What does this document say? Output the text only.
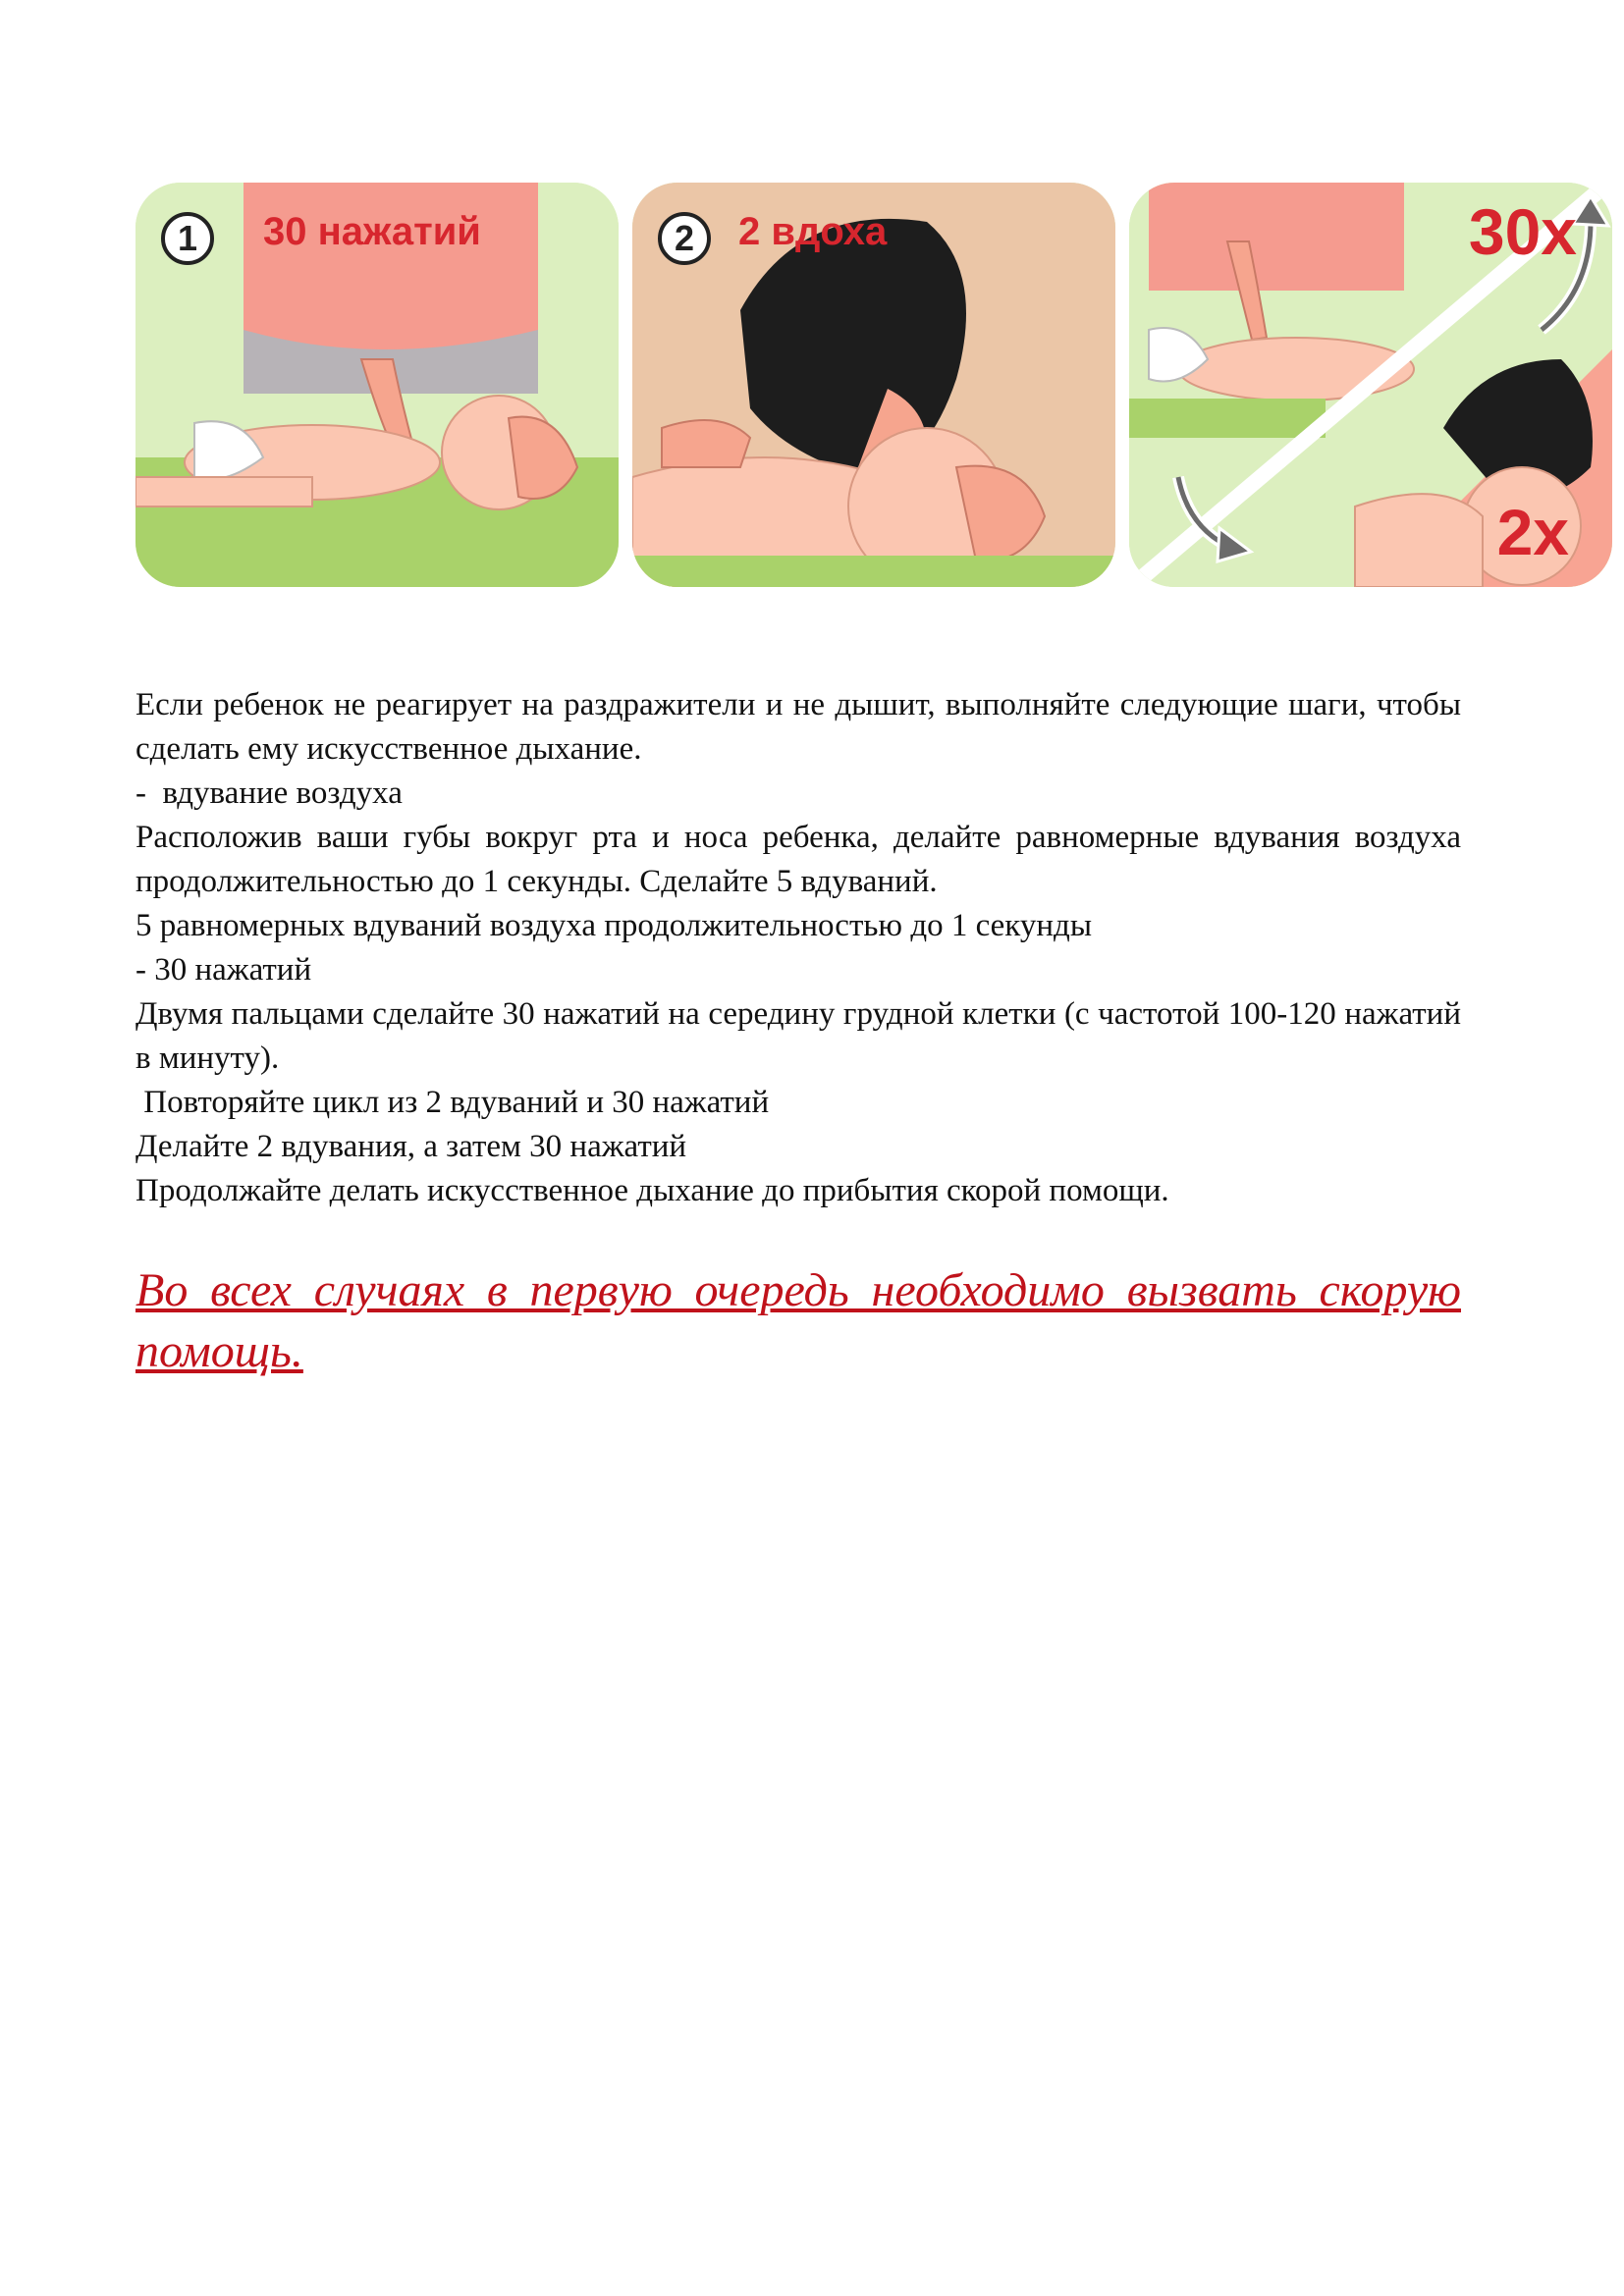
1	30 нажатий	2	2 вдоха	30x
2x

Если ребенок не реагирует на раздражители и не дышит, выполняйте следующие шаги, чтобы сделать ему искусственное дыхание.

-  вдувание воздуха

Расположив ваши губы вокруг рта и носа ребенка, делайте равномерные вдувания воздуха продолжительностью до 1 секунды. Сделайте 5 вдуваний.

5 равномерных вдуваний воздуха продолжительностью до 1 секунды

- 30 нажатий

Двумя пальцами сделайте 30 нажатий на середину грудной клетки (с частотой 100-120 нажатий в минуту).

Повторяйте цикл из 2 вдуваний и 30 нажатий

Делайте 2 вдувания, а затем 30 нажатий

Продолжайте делать искусственное дыхание до прибытия скорой помощи.

Во всех случаях в первую очередь необходимо вызвать скорую помощь.
